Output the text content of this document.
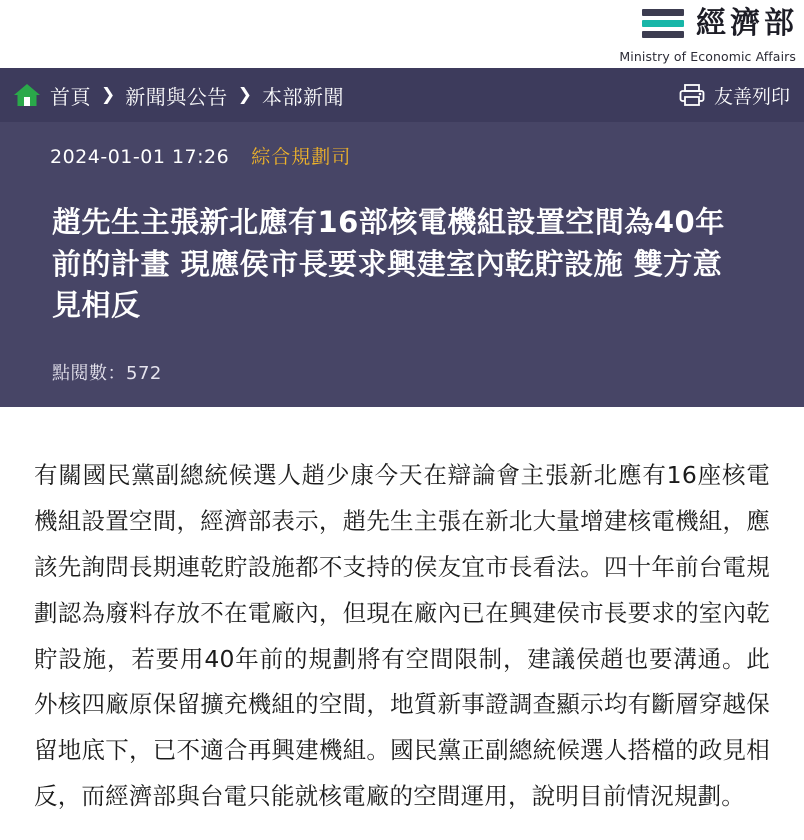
經濟部
Ministry of Economic Affairs
首頁 ❯ 新聞與公告 ❯ 本部新聞	友善列印
2024-01-01 17:26 綜合規劃司
趙先生主張新北應有16部核電機組設置空間為40年前的計畫 現應侯市長要求興建室內乾貯設施 雙方意見相反
點閱數：572

有關國民黨副總統候選人趙少康今天在辯論會主張新北應有16座核電機組設置空間，經濟部表示，趙先生主張在新北大量增建核電機組，應該先詢問長期連乾貯設施都不支持的侯友宜市長看法。四十年前台電規劃認為廢料存放不在電廠內，但現在廠內已在興建侯市長要求的室內乾貯設施，若要用40年前的規劃將有空間限制，建議侯趙也要溝通。此外核四廠原保留擴充機組的空間，地質新事證調查顯示均有斷層穿越保留地底下，已不適合再興建機組。國民黨正副總統候選人搭檔的政見相反，而經濟部與台電只能就核電廠的空間運用，說明目前情況規劃。
